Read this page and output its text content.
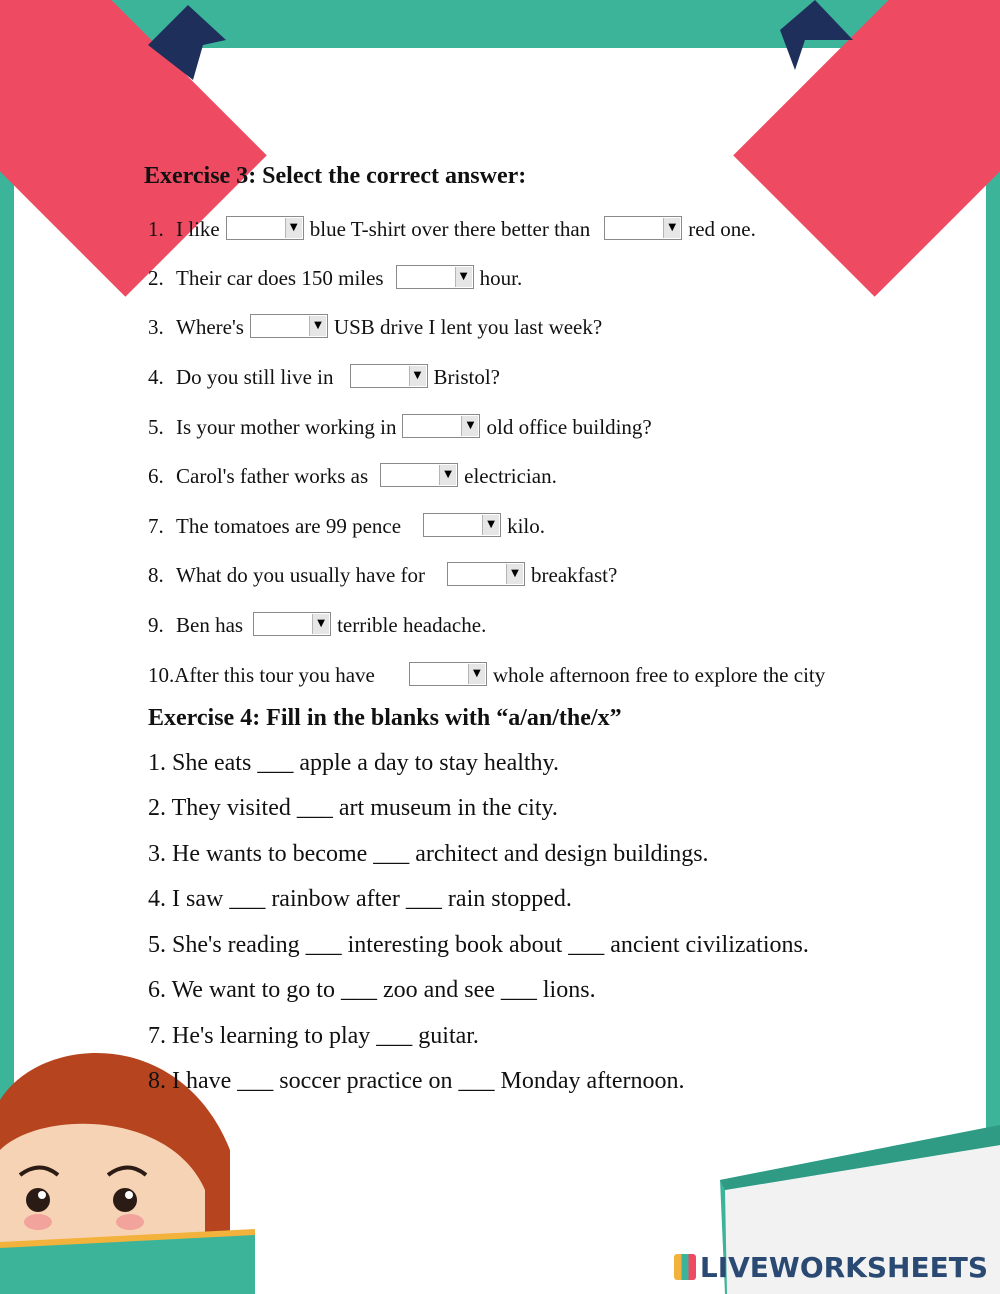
Exercise 3: Select the correct answer:
1. I like	▼ blue T-shirt over there better than	▼ red one.
2. Their car does 150 miles	▼ hour.
3. Where's	▼ USB drive I lent you last week?
4. Do you still live in	▼ Bristol?
5. Is your mother working in	▼ old office building?
6. Carol's father works as	▼ electrician.
7. The tomatoes are 99 pence	▼ kilo.
8. What do you usually have for	▼ breakfast?
9. Ben has	▼ terrible headache.
10.After this tour you have	▼ whole afternoon free to explore the city
Exercise 4: Fill in the blanks with “a/an/the/x”
1. She eats ___ apple a day to stay healthy.
2. They visited ___ art museum in the city.
3. He wants to become ___ architect and design buildings.
4. I saw ___ rainbow after ___ rain stopped.
5. She's reading ___ interesting book about ___ ancient civilizations.
6. We want to go to ___ zoo and see ___ lions.
7. He's learning to play ___ guitar.
8. I have ___ soccer practice on ___ Monday afternoon.
LIVEWORKSHEETS
